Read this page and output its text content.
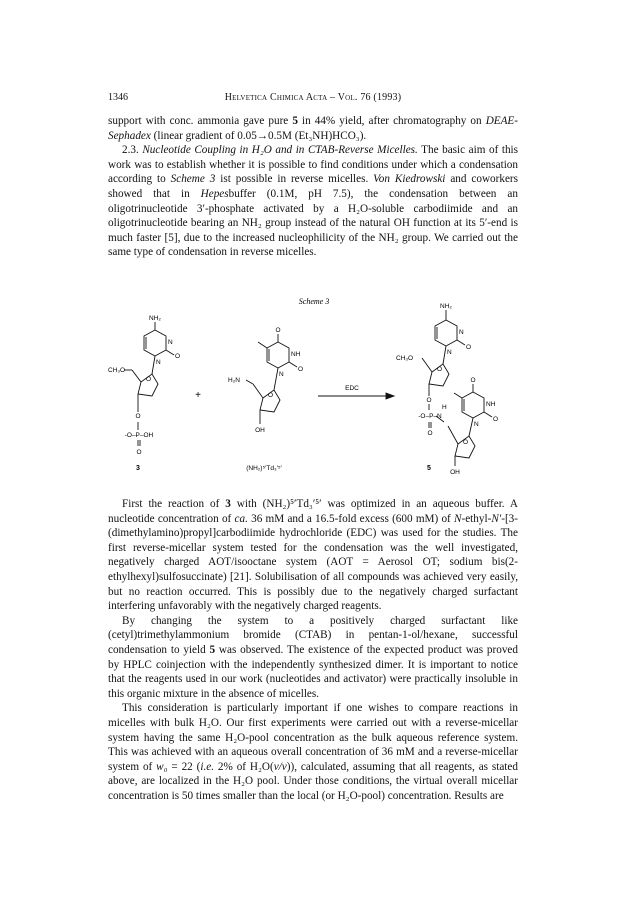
1346	Helvetica Chimica Acta – Vol. 76 (1993)

support with conc. ammonia gave pure 5 in 44% yield, after chromatography on DEAE-Sephadex (linear gradient of 0.05→0.5M (Et₃NH)HCO₃).

2.3. Nucleotide Coupling in H₂O and in CTAB-Reverse Micelles. The basic aim of this work was to establish whether it is possible to find conditions under which a condensation according to Scheme 3 ist possible in reverse micelles. Von Kiedrowski and coworkers showed that in Hepesbuffer (0.1M, pH 7.5), the condensation between an oligotrinucleotide 3′-phosphate activated by a H₂O-soluble carbodiimide and an oligotrinucleotide bearing an NH₂ group instead of the natural OH function at its 5′-end is much faster [5], due to the increased nucleophilicity of the NH₂ group. We carried out the same type of condensation in reverse micelles.

Scheme 3
EDC
+
3	(NH₂)⁵′Td₃′⁵′	5
NH₂
N
O
N
CH₃O
O
O
-O–P–OH
O
O
NH
O
N
H₂N
O
OH
NH₂
N
O
N
CH₃O
O
O
H
-O–P–N
O
O
NH
O
N
O
OH

First the reaction of 3 with (NH₂)⁵′Td₃′⁵′ was optimized in an aqueous buffer. A nucleotide concentration of ca. 36 mM and a 16.5-fold excess (600 mM) of N-ethyl-N′-[3-(dimethylamino)propyl]carbodiimide hydrochloride (EDC) was used for the studies. The first reverse-micellar system tested for the condensation was the well investigated, negatively charged AOT/isooctane system (AOT = Aerosol OT; sodium bis(2-ethylhexyl)sulfosuccinate) [21]. Solubilisation of all compounds was achieved very easily, but no reaction occurred. This is possibly due to the negatively charged surfactant interfering unfavorably with the negatively charged reagents.

By changing the system to a positively charged surfactant like (cetyl)trimethylammonium bromide (CTAB) in pentan-1-ol/hexane, successful condensation to yield 5 was observed. The existence of the expected product was proved by HPLC coinjection with the independently synthesized dimer. It is important to notice that the reagents used in our work (nucleotides and activator) were practically insoluble in this organic mixture in the absence of micelles.

This consideration is particularly important if one wishes to compare reactions in micelles with bulk H₂O. Our first experiments were carried out with a reverse-micellar system having the same H₂O-pool concentration as the bulk aqueous reference system. This was achieved with an aqueous overall concentration of 36 mM and a reverse-micellar system of w₀ = 22 (i.e. 2% of H₂O(v/v)), calculated, assuming that all reagents, as stated above, are localized in the H₂O pool. Under those conditions, the virtual overall micellar concentration is 50 times smaller than the local (or H₂O-pool) concentration. Results are
